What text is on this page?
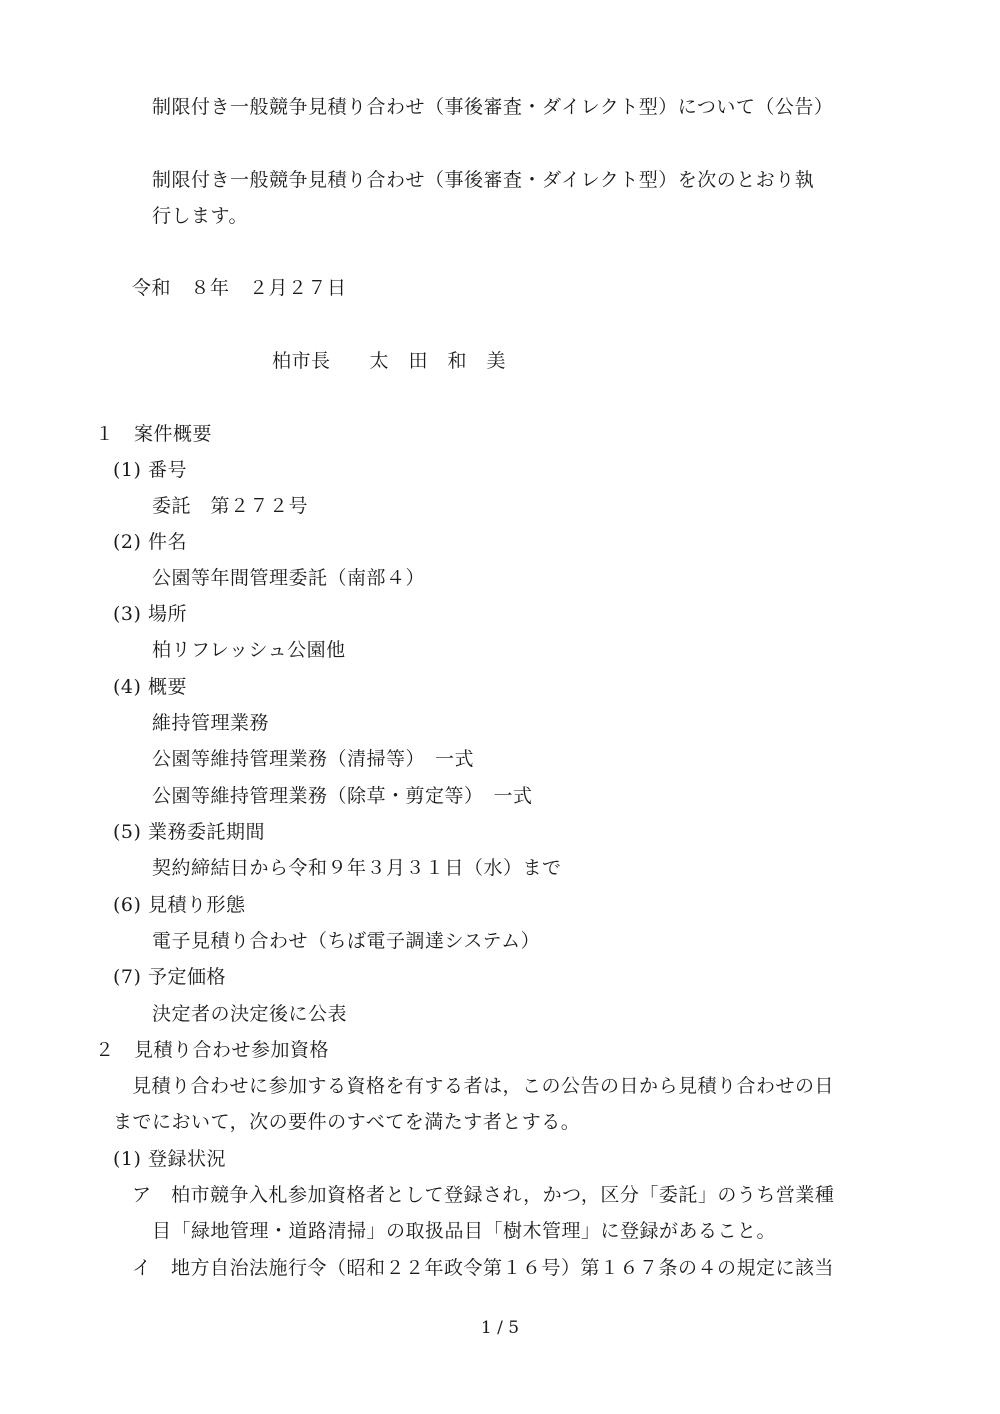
制限付き一般競争見積り合わせ（事後審査・ダイレクト型）について（公告）
制限付き一般競争見積り合わせ（事後審査・ダイレクト型）を次のとおり執
行します。
令和　８年　２月２７日
柏市長　　太　田　和　美
１　案件概要
(1) 番号
委託　第２７２号
(2) 件名
公園等年間管理委託（南部４）
(3) 場所
柏リフレッシュ公園他
(4) 概要
維持管理業務
公園等維持管理業務（清掃等）　一式
公園等維持管理業務（除草・剪定等）　一式
(5) 業務委託期間
契約締結日から令和９年３月３１日（水）まで
(6) 見積り形態
電子見積り合わせ（ちば電子調達システム）
(7) 予定価格
決定者の決定後に公表
２　見積り合わせ参加資格
見積り合わせに参加する資格を有する者は，この公告の日から見積り合わせの日
までにおいて，次の要件のすべてを満たす者とする。
(1) 登録状況
ア　柏市競争入札参加資格者として登録され，かつ，区分「委託」のうち営業種
目「緑地管理・道路清掃」の取扱品目「樹木管理」に登録があること。
イ　地方自治法施行令（昭和２２年政令第１６号）第１６７条の４の規定に該当
1 / 5
